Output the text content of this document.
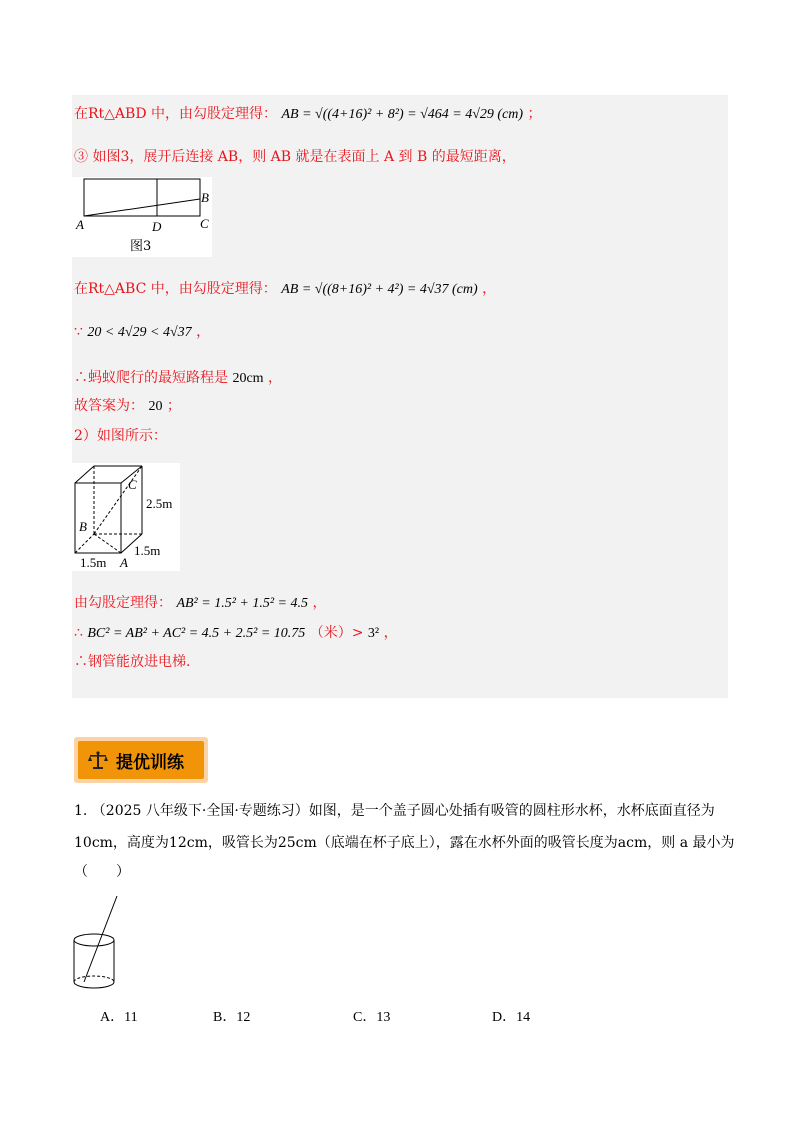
在Rt△ABD 中，由勾股定理得： AB = √((4+16)² + 8²) = √464 = 4√29 (cm) ；
③ 如图3，展开后连接 AB，则 AB 就是在表面上 A 到 B 的最短距离，
A	D
B
C
图3
在Rt△ABC 中，由勾股定理得： AB = √((8+16)² + 4²) = 4√37 (cm) ，
∵ 20 < 4√29 < 4√37 ，
∴蚂蚁爬行的最短路程是 20cm ，
故答案为： 20 ；
2）如图所示：
C
2.5m
B
1.5m
1.5m A
由勾股定理得： AB² = 1.5² + 1.5² = 4.5 ，
∴ BC² = AB² + AC² = 4.5 + 2.5² = 10.75 （米）> 3² ，
∴钢管能放进电梯.
提优训练
1. （2025 八年级下·全国·专题练习）如图，是一个盖子圆心处插有吸管的圆柱形水杯，水杯底面直径为
10cm，高度为12cm，吸管长为25cm（底端在杯子底上），露在水杯外面的吸管长度为acm，则 a 最小为
（　　）
A．11	B．12	C．13	D．14
